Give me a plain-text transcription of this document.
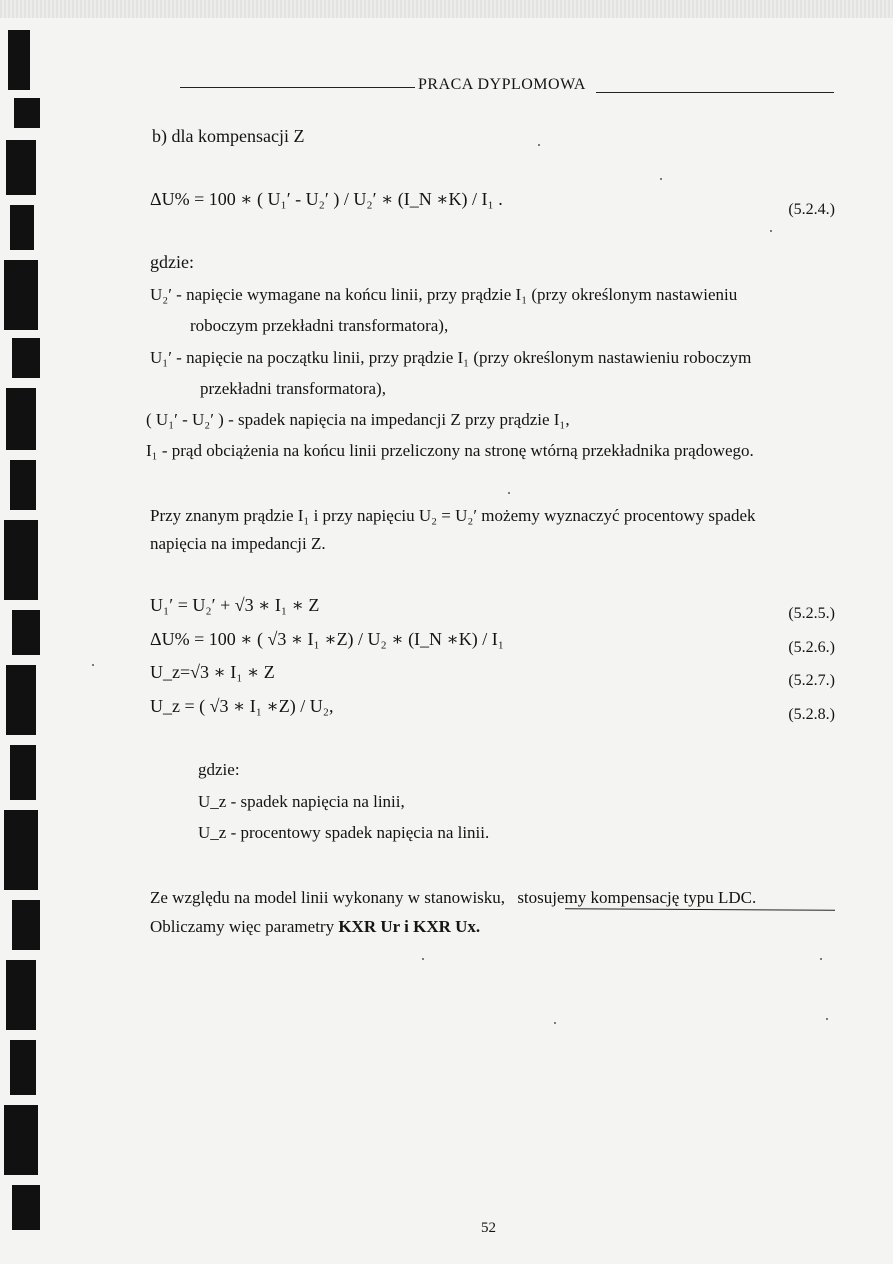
PRACA DYPLOMOWA
b) dla kompensacji Z
ΔU% = 100 ∗ ( U₁′ - U₂′ ) / U₂′ ∗ (I_N ∗K) / I₁ .
(5.2.4.)
gdzie:
U₂′ - napięcie wymagane na końcu linii, przy prądzie I₁ (przy określonym nastawieniu
roboczym przekładni transformatora),
U₁′ - napięcie na początku linii, przy prądzie I₁ (przy określonym nastawieniu roboczym
przekładni transformatora),
( U₁′ - U₂′ ) - spadek napięcia na impedancji Z przy prądzie I₁,
I₁ - prąd obciążenia na końcu linii przeliczony na stronę wtórną przekładnika prądowego.
Przy znanym prądzie I₁ i przy napięciu U₂ = U₂′ możemy wyznaczyć procentowy spadek
napięcia na impedancji Z.
U₁′ = U₂′ + √3 ∗ I₁ ∗ Z	(5.2.5.)
ΔU% = 100 ∗ ( √3 ∗ I₁ ∗Z) / U₂ ∗ (I_N ∗K) / I₁	(5.2.6.)
U_z=√3 ∗ I₁ ∗ Z	(5.2.7.)
U_z = ( √3 ∗ I₁ ∗Z) / U₂,	(5.2.8.)
gdzie:
U_z - spadek napięcia na linii,
U_z - procentowy spadek napięcia na linii.
Ze względu na model linii wykonany w stanowisku, stosujemy kompensację typu LDC.
Obliczamy więc parametry KXR Ur i KXR Ux.
52
